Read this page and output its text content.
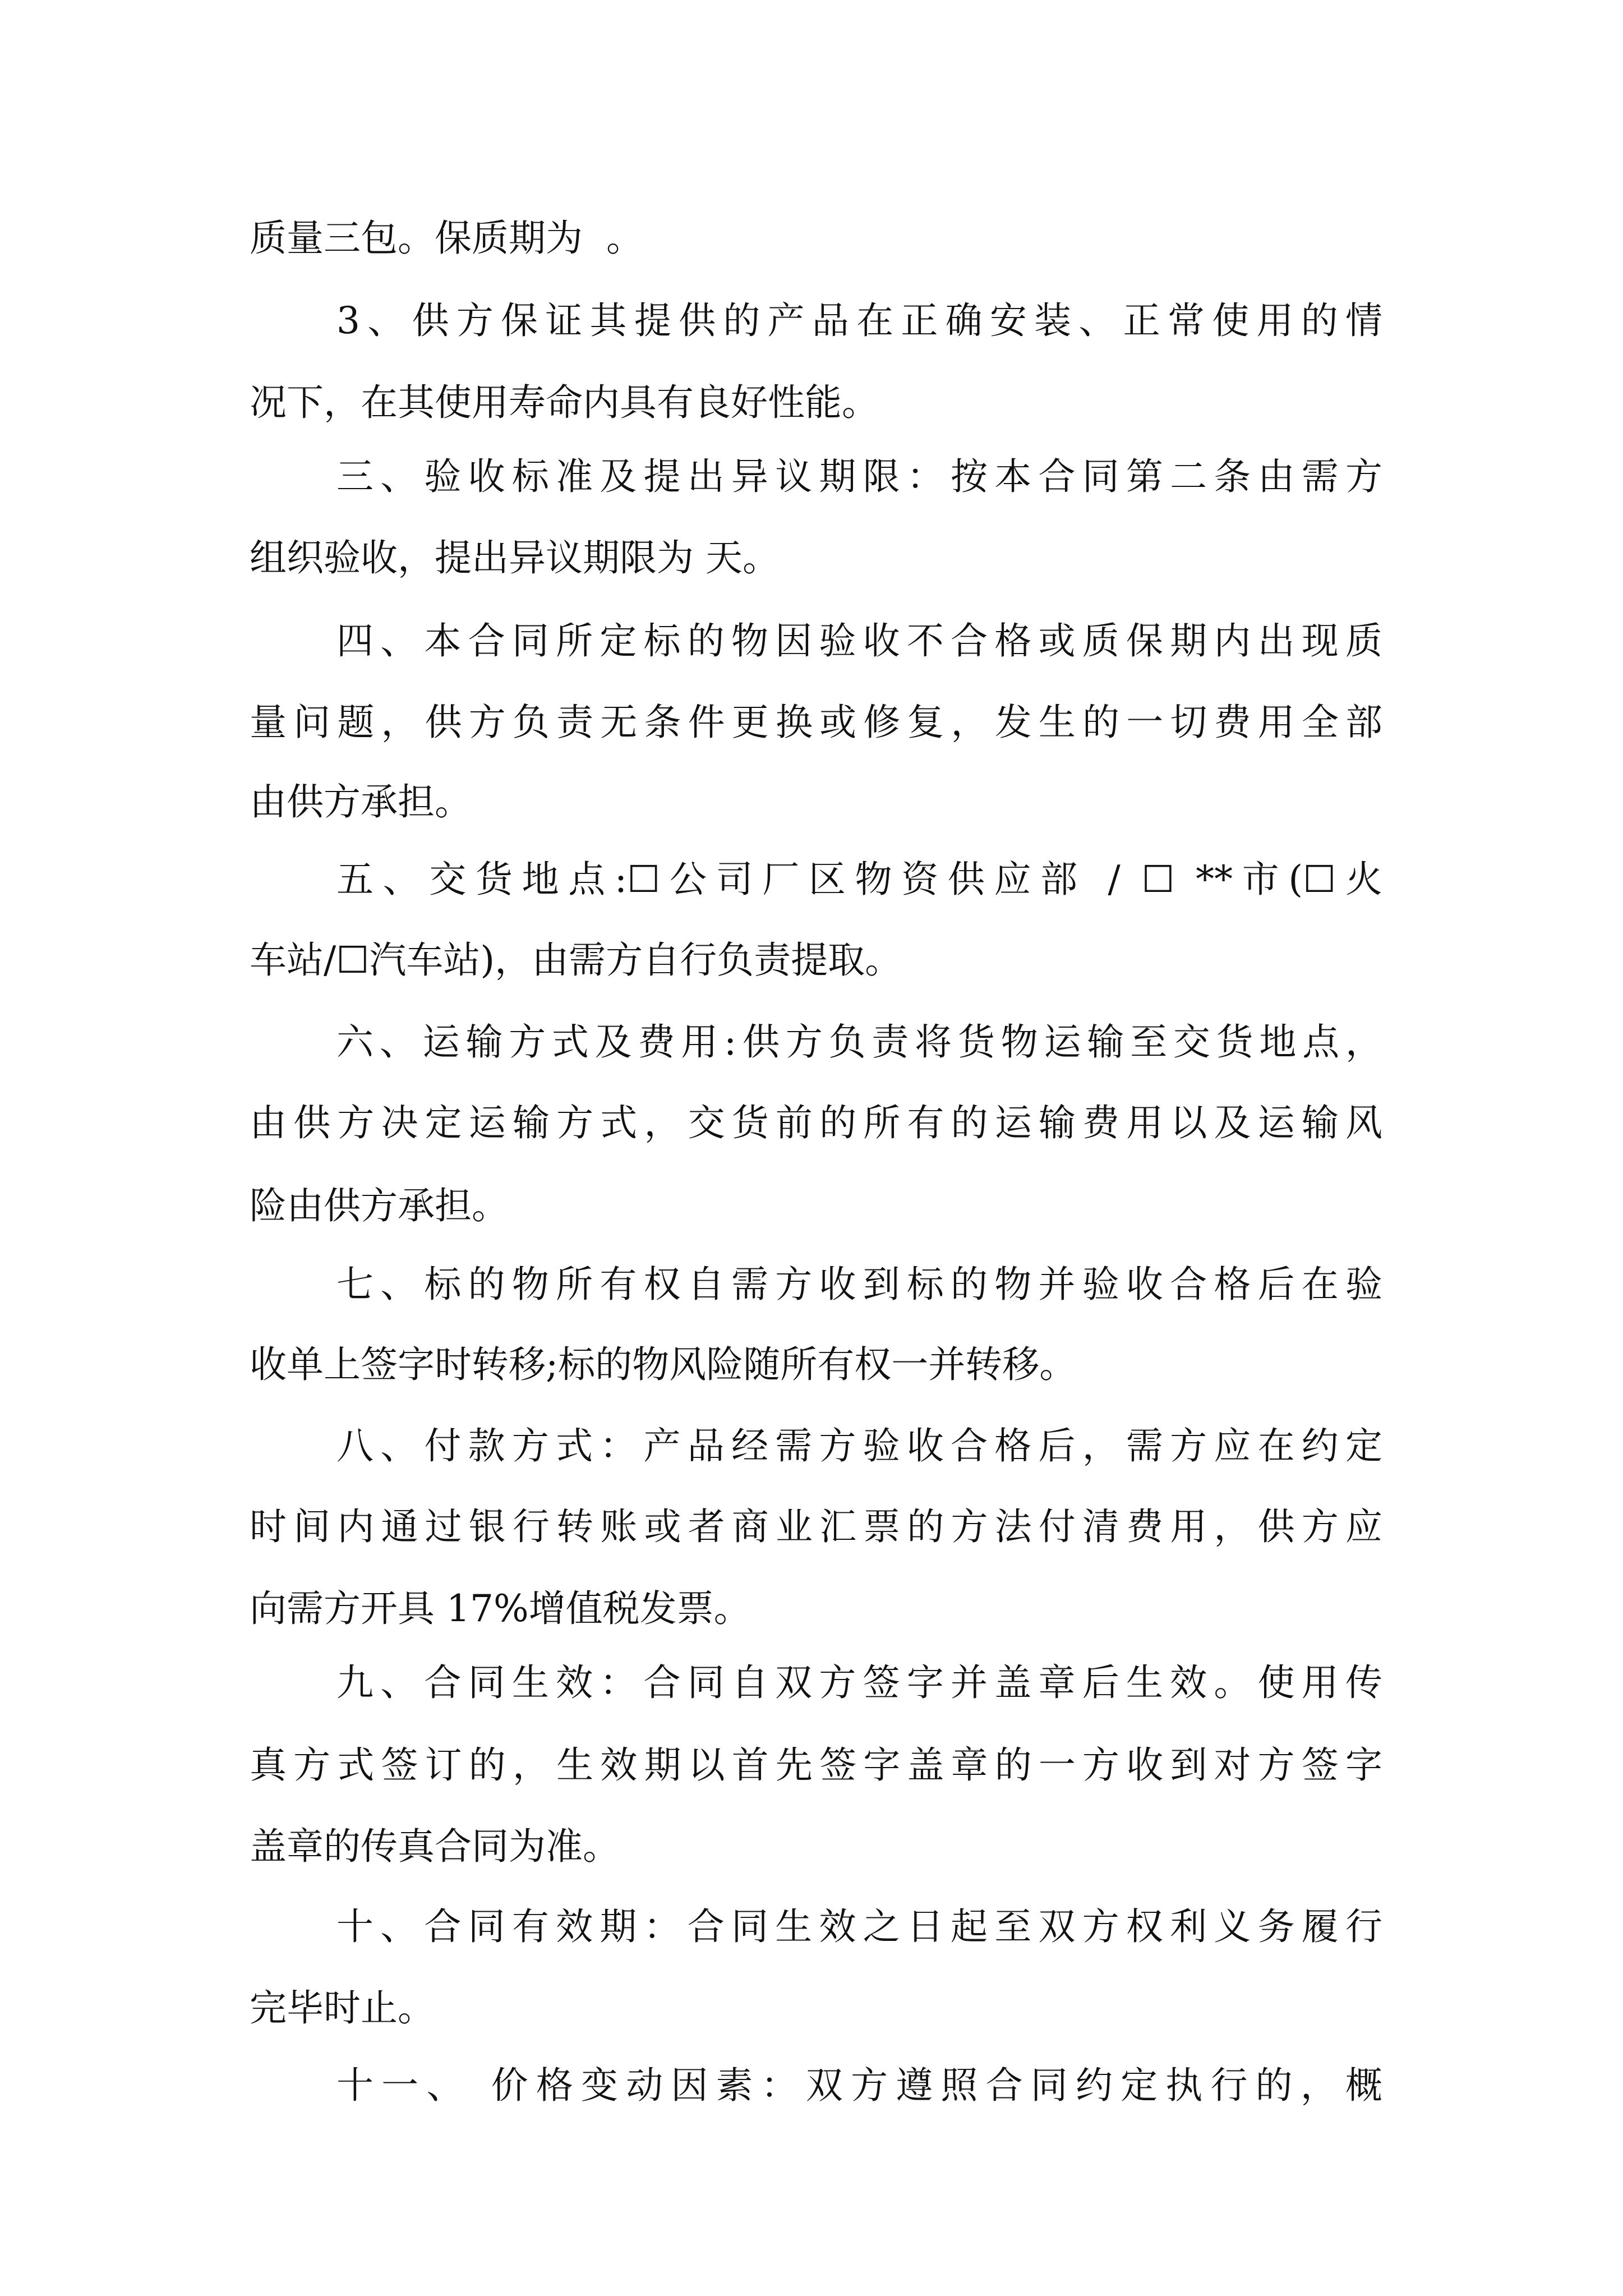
质量三包。保质期为  。
3、供方保证其提供的产品在正确安装、正常使用的情
况下，在其使用寿命内具有良好性能。
三、验收标准及提出异议期限：按本合同第二条由需方
组织验收，提出异议期限为 天。
四、本合同所定标的物因验收不合格或质保期内出现质
量问题，供方负责无条件更换或修复，发生的一切费用全部
由供方承担。
五、交货地点:☐公司厂区物资供应部 / ☐ **市(☐火
车站/☐汽车站)，由需方自行负责提取。
六、运输方式及费用:供方负责将货物运输至交货地点，
由供方决定运输方式，交货前的所有的运输费用以及运输风
险由供方承担。
七、标的物所有权自需方收到标的物并验收合格后在验
收单上签字时转移;标的物风险随所有权一并转移。
八、付款方式：产品经需方验收合格后，需方应在约定
时间内通过银行转账或者商业汇票的方法付清费用，供方应
向需方开具 17%增值税发票。
九、合同生效：合同自双方签字并盖章后生效。使用传
真方式签订的，生效期以首先签字盖章的一方收到对方签字
盖章的传真合同为准。
十、合同有效期：合同生效之日起至双方权利义务履行
完毕时止。
十一、 价格变动因素：双方遵照合同约定执行的，概
